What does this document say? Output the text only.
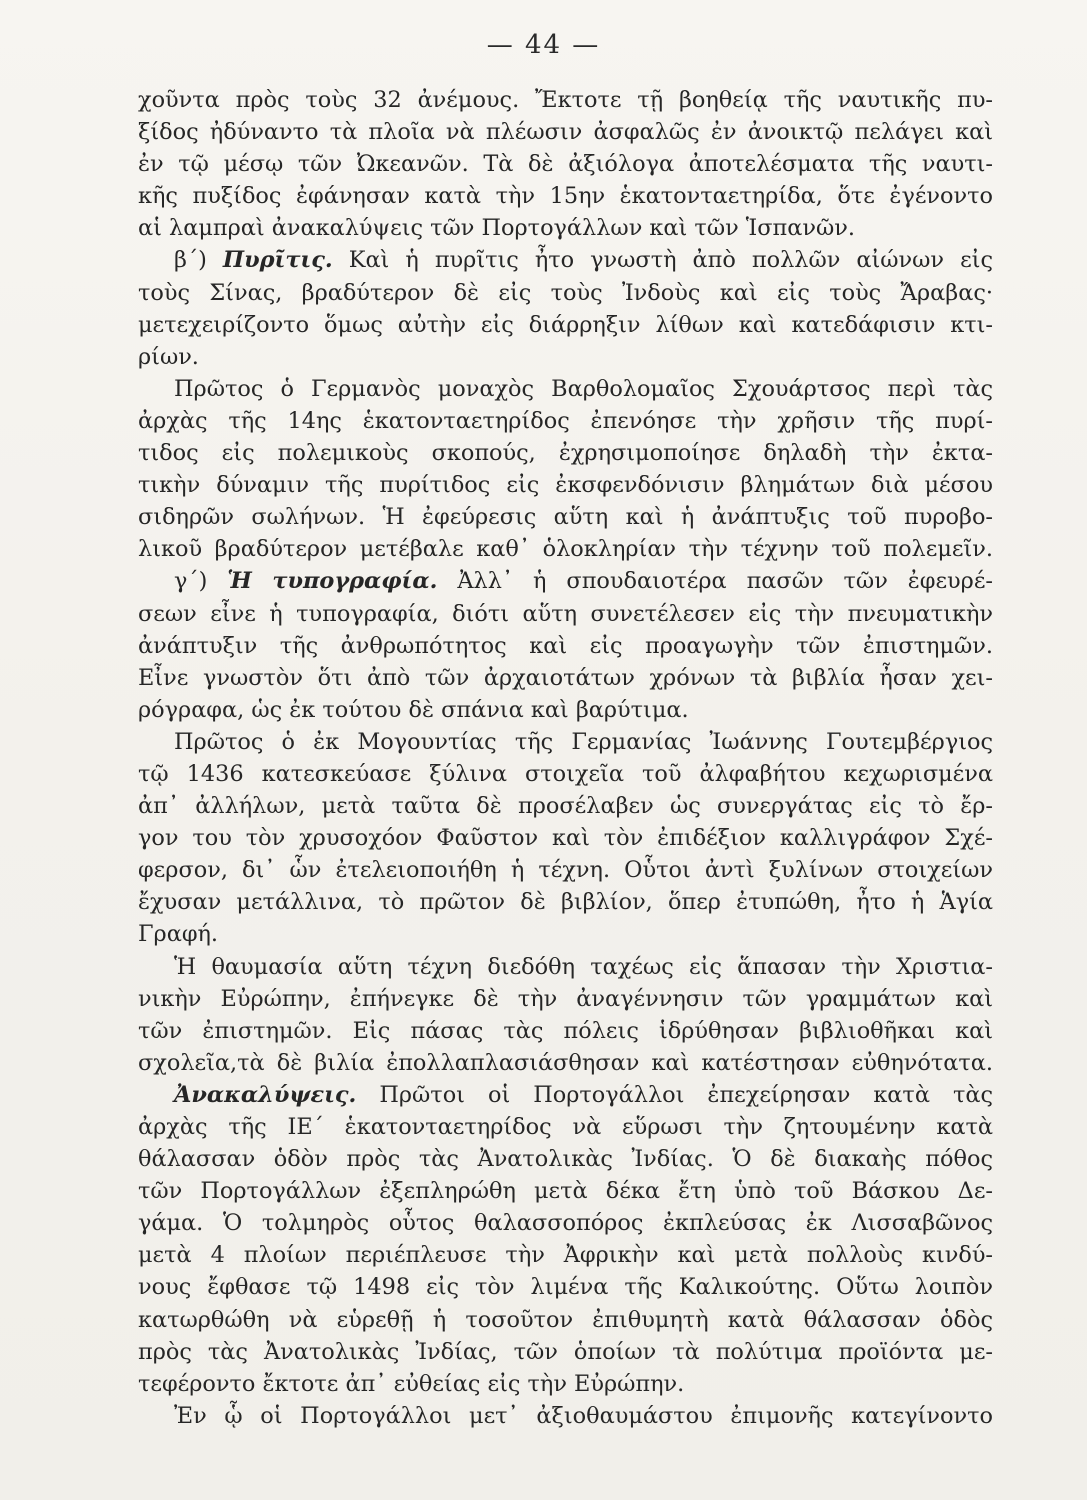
— 44 —
χοῦντα πρὸς τοὺς 32 ἀνέμους. Ἔκτοτε τῇ βοηθείᾳ τῆς ναυτικῆς πυ-
ξίδος ἠδύναντο τὰ πλοῖα νὰ πλέωσιν ἀσφαλῶς ἐν ἀνοικτῷ πελάγει καὶ
ἐν τῷ μέσῳ τῶν Ὠκεανῶν. Τὰ δὲ ἀξιόλογα ἀποτελέσματα τῆς ναυτι-
κῆς πυξίδος ἐφάνησαν κατὰ τὴν 15ην ἑκατονταετηρίδα, ὅτε ἐγένοντο
αἱ λαμπραὶ ἀνακαλύψεις τῶν Πορτογάλλων καὶ τῶν Ἱσπανῶν.
β΄) Πυρῖτις. Καὶ ἡ πυρῖτις ἦτο γνωστὴ ἀπὸ πολλῶν αἰώνων εἰς
τοὺς Σίνας, βραδύτερον δὲ εἰς τοὺς Ἰνδοὺς καὶ εἰς τοὺς Ἄραβας·
μετεχειρίζοντο ὅμως αὐτὴν εἰς διάρρηξιν λίθων καὶ κατεδάφισιν κτι-
ρίων.
Πρῶτος ὁ Γερμανὸς μοναχὸς Βαρθολομαῖος Σχουάρτσος περὶ τὰς
ἀρχὰς τῆς 14ης ἑκατονταετηρίδος ἐπενόησε τὴν χρῆσιν τῆς πυρί-
τιδος εἰς πολεμικοὺς σκοπούς, ἐχρησιμοποίησε δηλαδὴ τὴν ἐκτα-
τικὴν δύναμιν τῆς πυρίτιδος εἰς ἐκσφενδόνισιν βλημάτων διὰ μέσου
σιδηρῶν σωλήνων. Ἡ ἐφεύρεσις αὕτη καὶ ἡ ἀνάπτυξις τοῦ πυροβο-
λικοῦ βραδύτερον μετέβαλε καθ᾽ ὁλοκληρίαν τὴν τέχνην τοῦ πολεμεῖν.
γ΄) Ἡ τυπογραφία. Ἀλλ᾽ ἡ σπουδαιοτέρα πασῶν τῶν ἐφευρέ-
σεων εἶνε ἡ τυπογραφία, διότι αὕτη συνετέλεσεν εἰς τὴν πνευματικὴν
ἀνάπτυξιν τῆς ἀνθρωπότητος καὶ εἰς προαγωγὴν τῶν ἐπιστημῶν.
Εἶνε γνωστὸν ὅτι ἀπὸ τῶν ἀρχαιοτάτων χρόνων τὰ βιβλία ἦσαν χει-
ρόγραφα, ὡς ἐκ τούτου δὲ σπάνια καὶ βαρύτιμα.
Πρῶτος ὁ ἐκ Μογουντίας τῆς Γερμανίας Ἰωάννης Γουτεμβέργιος
τῷ 1436 κατεσκεύασε ξύλινα στοιχεῖα τοῦ ἀλφαβήτου κεχωρισμένα
ἀπ᾽ ἀλλήλων, μετὰ ταῦτα δὲ προσέλαβεν ὡς συνεργάτας εἰς τὸ ἔρ-
γον του τὸν χρυσοχόον Φαῦστον καὶ τὸν ἐπιδέξιον καλλιγράφον Σχέ-
φερσον, δι᾽ ὧν ἐτελειοποιήθη ἡ τέχνη. Οὗτοι ἀντὶ ξυλίνων στοιχείων
ἔχυσαν μετάλλινα, τὸ πρῶτον δὲ βιβλίον, ὅπερ ἐτυπώθη, ἦτο ἡ Ἁγία
Γραφή.
Ἡ θαυμασία αὕτη τέχνη διεδόθη ταχέως εἰς ἅπασαν τὴν Χριστια-
νικὴν Εὐρώπην, ἐπήνεγκε δὲ τὴν ἀναγέννησιν τῶν γραμμάτων καὶ
τῶν ἐπιστημῶν. Εἰς πάσας τὰς πόλεις ἱδρύθησαν βιβλιοθῆκαι καὶ
σχολεῖα,τὰ δὲ βιλία ἐπολλαπλασιάσθησαν καὶ κατέστησαν εὐθηνότατα.
Ἀνακαλύψεις. Πρῶτοι οἱ Πορτογάλλοι ἐπεχείρησαν κατὰ τὰς
ἀρχὰς τῆς ΙΕ΄ ἑκατονταετηρίδος νὰ εὕρωσι τὴν ζητουμένην κατὰ
θάλασσαν ὁδὸν πρὸς τὰς Ἀνατολικὰς Ἰνδίας. Ὁ δὲ διακαὴς πόθος
τῶν Πορτογάλλων ἐξεπληρώθη μετὰ δέκα ἔτη ὑπὸ τοῦ Βάσκου Δε-
γάμα. Ὁ τολμηρὸς οὗτος θαλασσοπόρος ἐκπλεύσας ἐκ Λισσαβῶνος
μετὰ 4 πλοίων περιέπλευσε τὴν Ἀφρικὴν καὶ μετὰ πολλοὺς κινδύ-
νους ἔφθασε τῷ 1498 εἰς τὸν λιμένα τῆς Καλικούτης. Οὕτω λοιπὸν
κατωρθώθη νὰ εὑρεθῇ ἡ τοσοῦτον ἐπιθυμητὴ κατὰ θάλασσαν ὁδὸς
πρὸς τὰς Ἀνατολικὰς Ἰνδίας, τῶν ὁποίων τὰ πολύτιμα προϊόντα με-
τεφέροντο ἔκτοτε ἀπ᾽ εὐθείας εἰς τὴν Εὐρώπην.
Ἐν ᾧ οἱ Πορτογάλλοι μετ᾽ ἀξιοθαυμάστου ἐπιμονῆς κατεγίνοντο
